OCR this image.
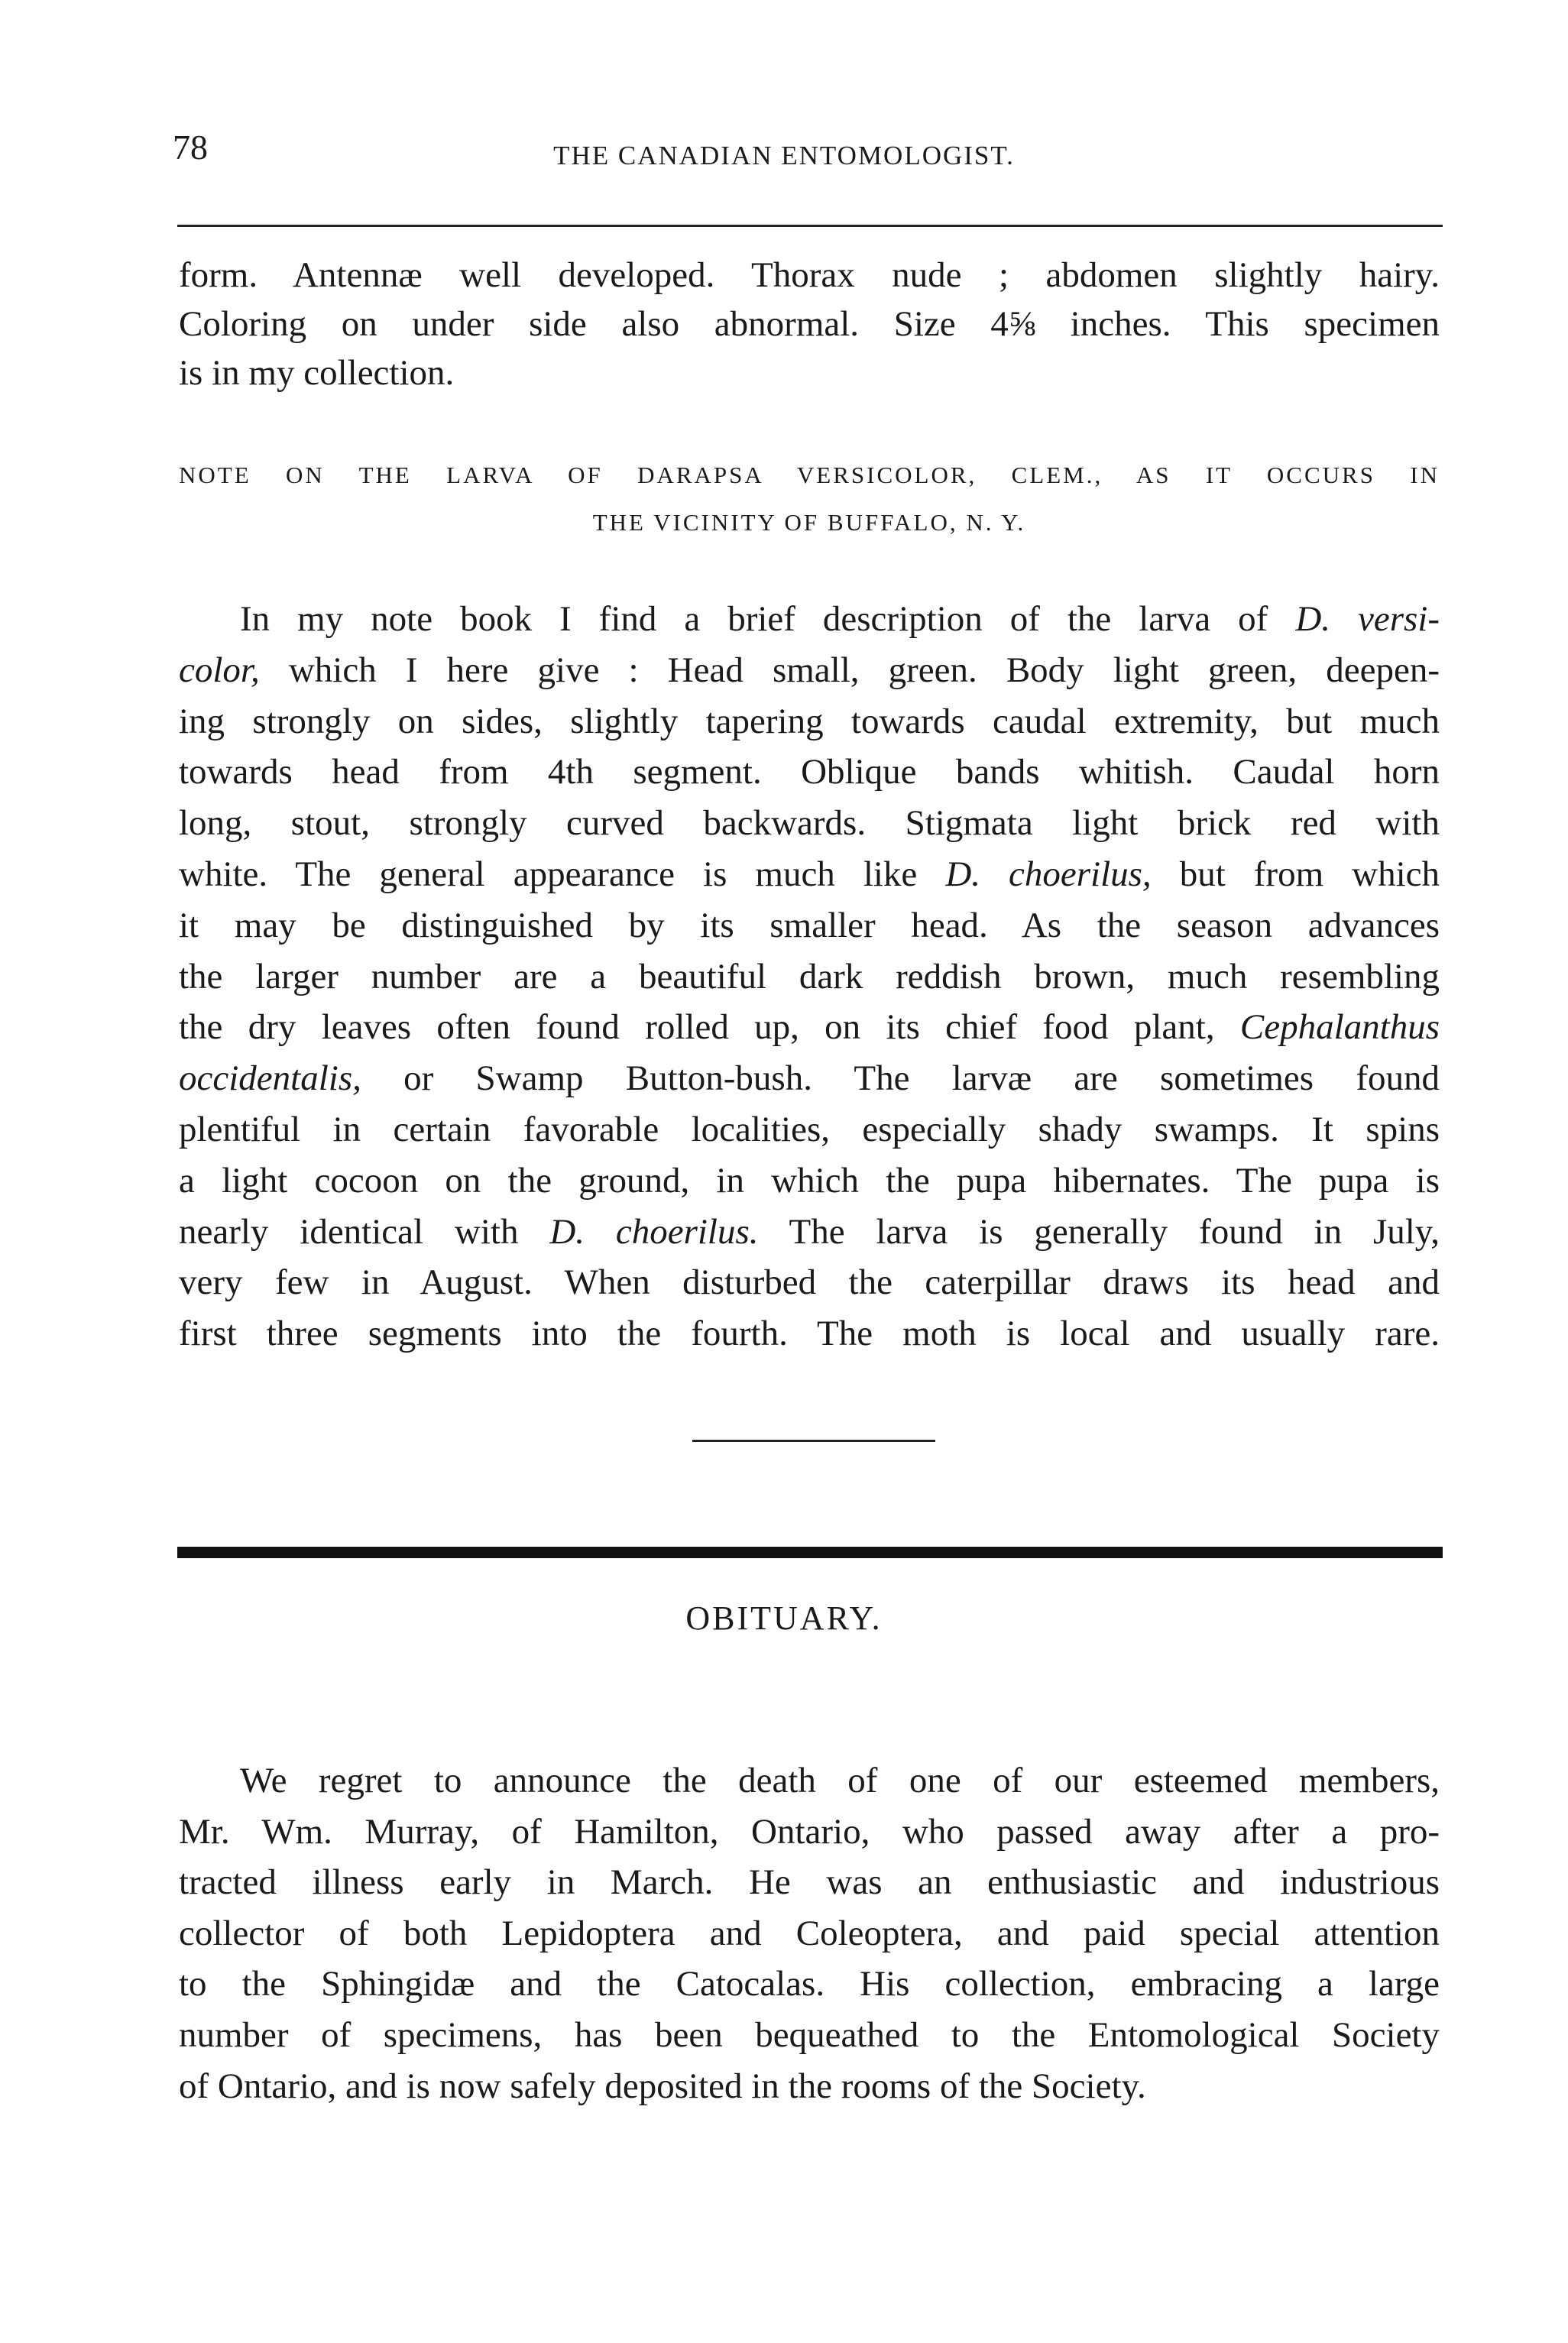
78	THE CANADIAN ENTOMOLOGIST.
form. Antennæ well developed. Thorax nude ; abdomen slightly hairy.
Coloring on under side also abnormal. Size 4⅝ inches. This specimen
is in my collection.
NOTE ON THE LARVA OF DARAPSA VERSICOLOR, CLEM., AS IT OCCURS IN
THE VICINITY OF BUFFALO, N. Y.
In my note book I find a brief description of the larva of D. versi-
color, which I here give : Head small, green. Body light green, deepen-
ing strongly on sides, slightly tapering towards caudal extremity, but much
towards head from 4th segment. Oblique bands whitish. Caudal horn
long, stout, strongly curved backwards. Stigmata light brick red with
white. The general appearance is much like D. choerilus, but from which
it may be distinguished by its smaller head. As the season advances
the larger number are a beautiful dark reddish brown, much resembling
the dry leaves often found rolled up, on its chief food plant, Cephalanthus
occidentalis, or Swamp Button-bush. The larvæ are sometimes found
plentiful in certain favorable localities, especially shady swamps. It spins
a light cocoon on the ground, in which the pupa hibernates. The pupa is
nearly identical with D. choerilus. The larva is generally found in July,
very few in August. When disturbed the caterpillar draws its head and
first three segments into the fourth. The moth is local and usually rare.
OBITUARY.
We regret to announce the death of one of our esteemed members,
Mr. Wm. Murray, of Hamilton, Ontario, who passed away after a pro-
tracted illness early in March. He was an enthusiastic and industrious
collector of both Lepidoptera and Coleoptera, and paid special attention
to the Sphingidæ and the Catocalas. His collection, embracing a large
number of specimens, has been bequeathed to the Entomological Society
of Ontario, and is now safely deposited in the rooms of the Society.
